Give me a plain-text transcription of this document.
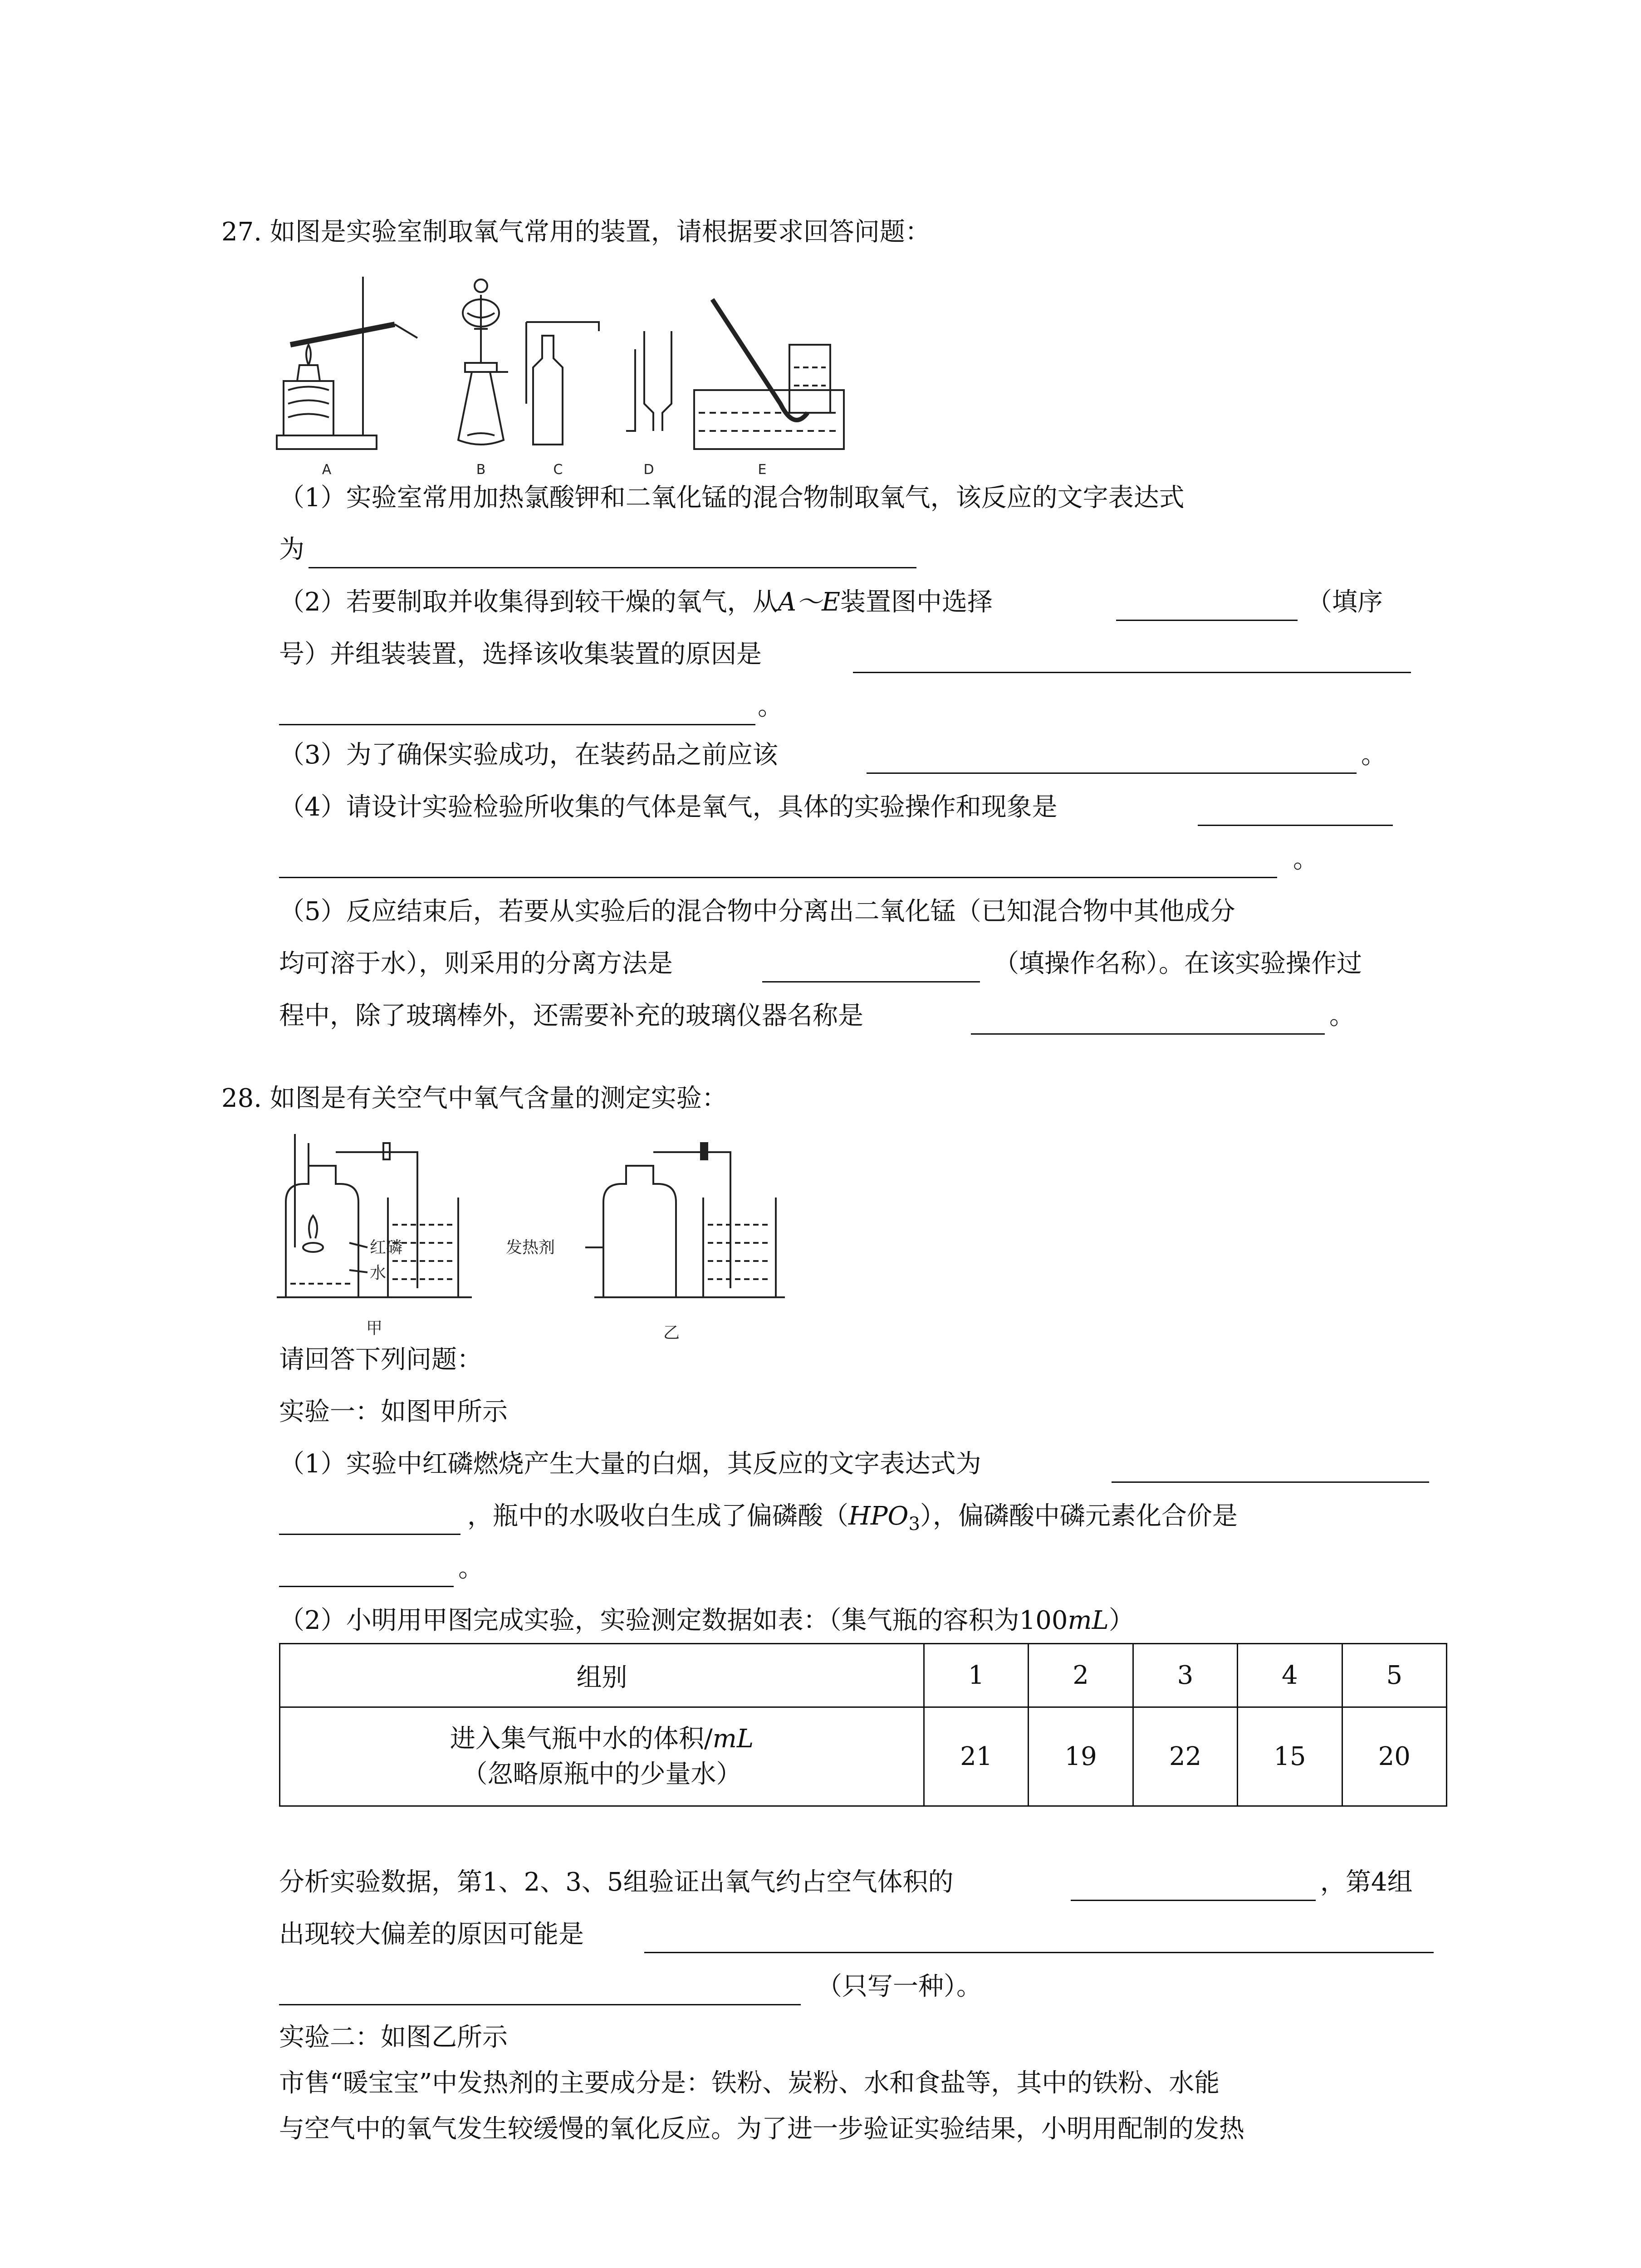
27. 如图是实验室制取氧气常用的装置，请根据要求回答问题：
A	B	C	D	E
（1）实验室常用加热氯酸钾和二氧化锰的混合物制取氧气，该反应的文字表达式
为
（2）若要制取并收集得到较干燥的氧气，从A～E装置图中选择	（填序
号）并组装装置，选择该收集装置的原因是
。
（3）为了确保实验成功，在装药品之前应该	。
（4）请设计实验检验所收集的气体是氧气，具体的实验操作和现象是
。
（5）反应结束后，若要从实验后的混合物中分离出二氧化锰（已知混合物中其他成分
均可溶于水），则采用的分离方法是	（填操作名称）。在该实验操作过
程中，除了玻璃棒外，还需要补充的玻璃仪器名称是	。
28. 如图是有关空气中氧气含量的测定实验：
红磷
水
发热剂
甲	乙
请回答下列问题：
实验一：如图甲所示
（1）实验中红磷燃烧产生大量的白烟，其反应的文字表达式为
，瓶中的水吸收白生成了偏磷酸$(HPO_3)$，偏磷酸中磷元素化合价是
。
（2）小明用甲图完成实验，实验测定数据如表：（集气瓶的容积为100mL）
组别	1	2	3	4	5
进入集气瓶中水的体积/mL
（忽略原瓶中的少量水）	21	19	22	15	20
分析实验数据，第1、2、3、5组验证出氧气约占空气体积的	，第4组
出现较大偏差的原因可能是
（只写一种）。
实验二：如图乙所示
市售“暖宝宝”中发热剂的主要成分是：铁粉、炭粉、水和食盐等，其中的铁粉、水能
与空气中的氧气发生较缓慢的氧化反应。为了进一步验证实验结果，小明用配制的发热
